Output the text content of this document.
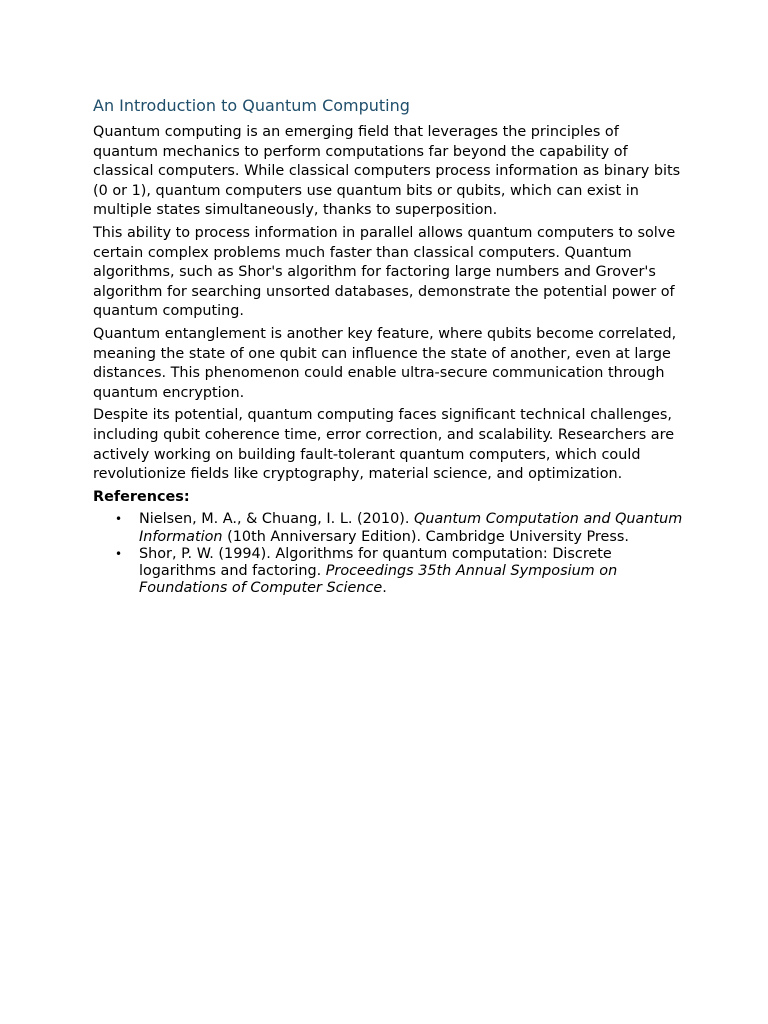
An Introduction to Quantum Computing

Quantum computing is an emerging field that leverages the principles of quantum mechanics to perform computations far beyond the capability of classical computers. While classical computers process information as binary bits (0 or 1), quantum computers use quantum bits or qubits, which can exist in multiple states simultaneously, thanks to superposition.

This ability to process information in parallel allows quantum computers to solve certain complex problems much faster than classical computers. Quantum algorithms, such as Shor's algorithm for factoring large numbers and Grover's algorithm for searching unsorted databases, demonstrate the potential power of quantum computing.

Quantum entanglement is another key feature, where qubits become correlated, meaning the state of one qubit can influence the state of another, even at large distances. This phenomenon could enable ultra-secure communication through quantum encryption.

Despite its potential, quantum computing faces significant technical challenges, including qubit coherence time, error correction, and scalability. Researchers are actively working on building fault-tolerant quantum computers, which could revolutionize fields like cryptography, material science, and optimization.

References:
• Nielsen, M. A., & Chuang, I. L. (2010). Quantum Computation and Quantum Information (10th Anniversary Edition). Cambridge University Press.
• Shor, P. W. (1994). Algorithms for quantum computation: Discrete logarithms and factoring. Proceedings 35th Annual Symposium on Foundations of Computer Science.
